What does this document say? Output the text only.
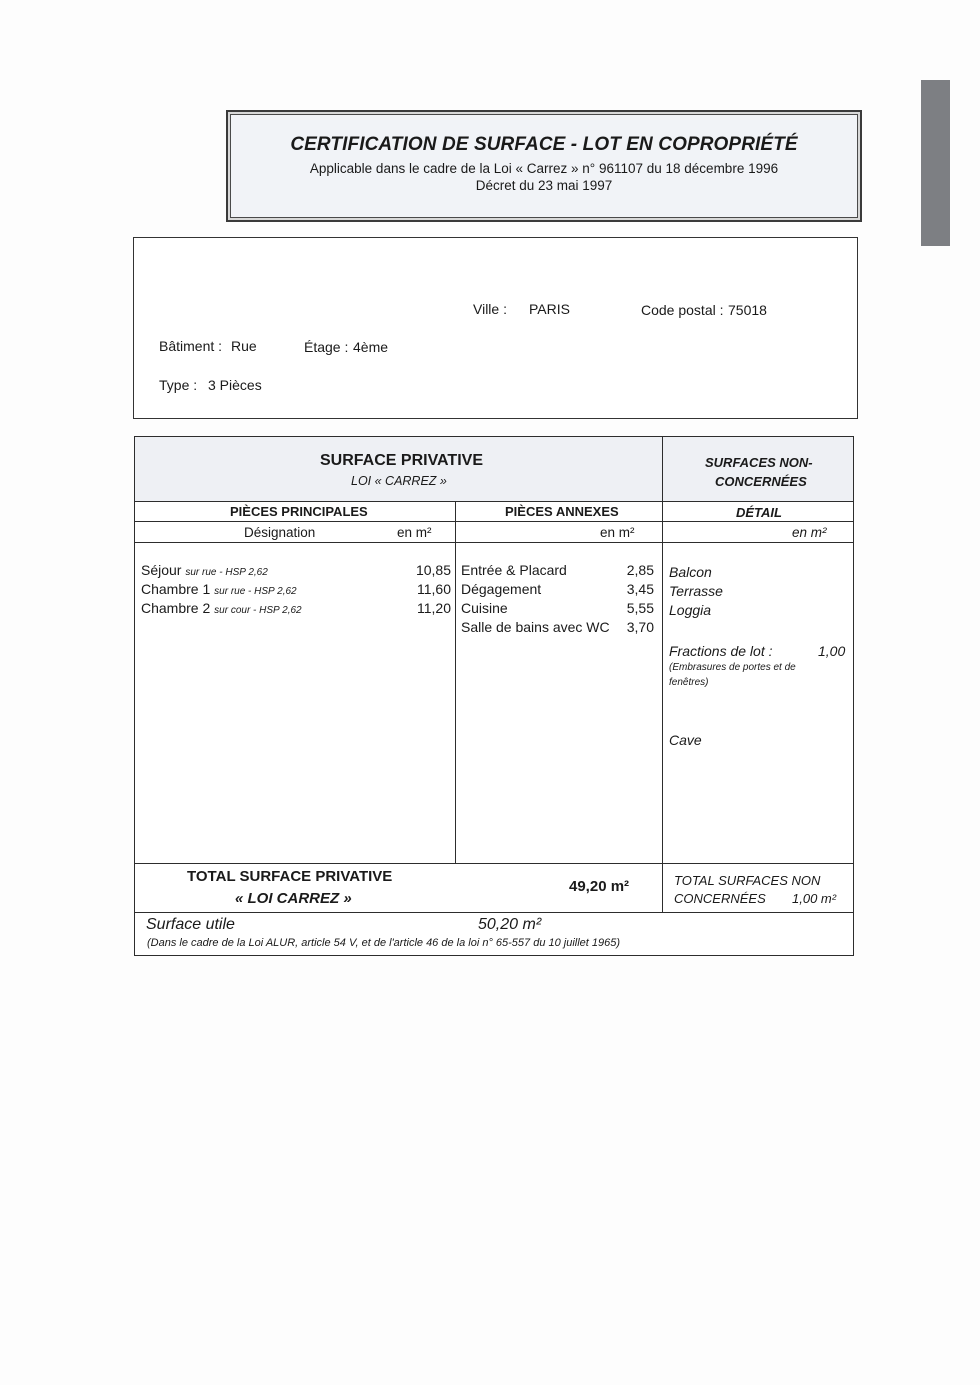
CERTIFICATION DE SURFACE - LOT EN COPROPRIÉTÉ
Applicable dans le cadre de la Loi « Carrez » n° 961107 du 18 décembre 1996
Décret du 23 mai 1997
Ville : PARIS	Code postal : 75018
Bâtiment : Rue	Étage : 4ème
Type : 3 Pièces
SURFACE PRIVATIVE
LOI « CARREZ »
SURFACES NON-
CONCERNÉES
PIÈCES PRINCIPALES	PIÈCES ANNEXES	DÉTAIL
Désignation	en m²	en m²	en m²
Séjour sur rue - HSP 2,62	10,85
Chambre 1 sur rue - HSP 2,62	11,60
Chambre 2 sur cour - HSP 2,62	11,20
Entrée & Placard	2,85
Dégagement	3,45
Cuisine	5,55
Salle de bains avec WC 3,70
Balcon
Terrasse
Loggia
Fractions de lot :	1,00
(Embrasures de portes et de
fenêtres)
Cave
TOTAL SURFACE PRIVATIVE
« LOI CARREZ »
49,20 m²	TOTAL SURFACES NON
CONCERNÉES 1,00 m²
Surface utile	50,20 m²
(Dans le cadre de la Loi ALUR, article 54 V, et de l'article 46 de la loi n° 65-557 du 10 juillet 1965)
